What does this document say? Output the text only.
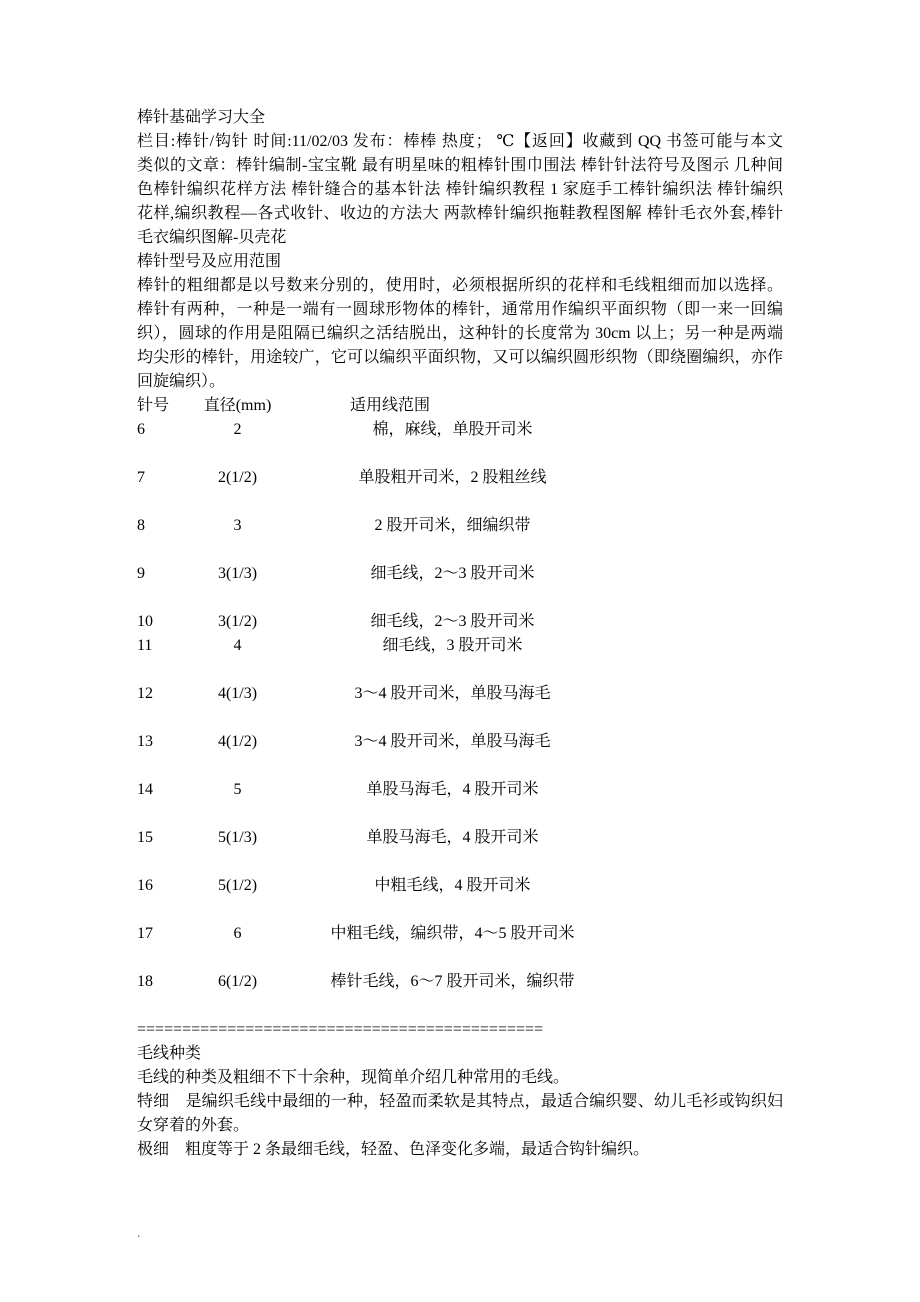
棒针基础学习大全
栏目:棒针/钩针 时间:11/02/03 发布：棒棒 热度； ℃【返回】收藏到 QQ 书签可能与本文
类似的文章：棒针编制-宝宝靴 最有明星味的粗棒针围巾围法 棒针针法符号及图示 几种间
色棒针编织花样方法 棒针缝合的基本针法 棒针编织教程 1 家庭手工棒针编织法 棒针编织
花样,编织教程—各式收针、收边的方法大 两款棒针编织拖鞋教程图解 棒针毛衣外套,棒针
毛衣编织图解-贝壳花
棒针型号及应用范围
棒针的粗细都是以号数来分别的，使用时，必须根据所织的花样和毛线粗细而加以选择。
棒针有两种，一种是一端有一圆球形物体的棒针，通常用作编织平面织物（即一来一回编
织），圆球的作用是阻隔已编织之活结脱出，这种针的长度常为 30cm 以上；另一种是两端
均尖形的棒针，用途较广，它可以编织平面织物，又可以编织圆形织物（即绕圈编织，亦作
回旋编织）。
针号	直径(mm)	适用线范围
6	2	棉，麻线，单股开司米
7	2(1/2)	单股粗开司米，2 股粗丝线
8	3	2 股开司米，细编织带
9	3(1/3)	细毛线，2～3 股开司米
10	3(1/2)	细毛线，2～3 股开司米
11	4	细毛线，3 股开司米
12	4(1/3)	3～4 股开司米，单股马海毛
13	4(1/2)	3～4 股开司米，单股马海毛
14	5	单股马海毛，4 股开司米
15	5(1/3)	单股马海毛，4 股开司米
16	5(1/2)	中粗毛线，4 股开司米
17	6	中粗毛线，编织带，4～5 股开司米
18	6(1/2)	棒针毛线，6～7 股开司米，编织带
=============================================
毛线种类
毛线的种类及粗细不下十余种，现简单介绍几种常用的毛线。
特细　是编织毛线中最细的一种，轻盈而柔软是其特点，最适合编织婴、幼儿毛衫或钩织妇
女穿着的外套。
极细　粗度等于 2 条最细毛线，轻盈、色泽变化多端，最适合钩针编织。
.
